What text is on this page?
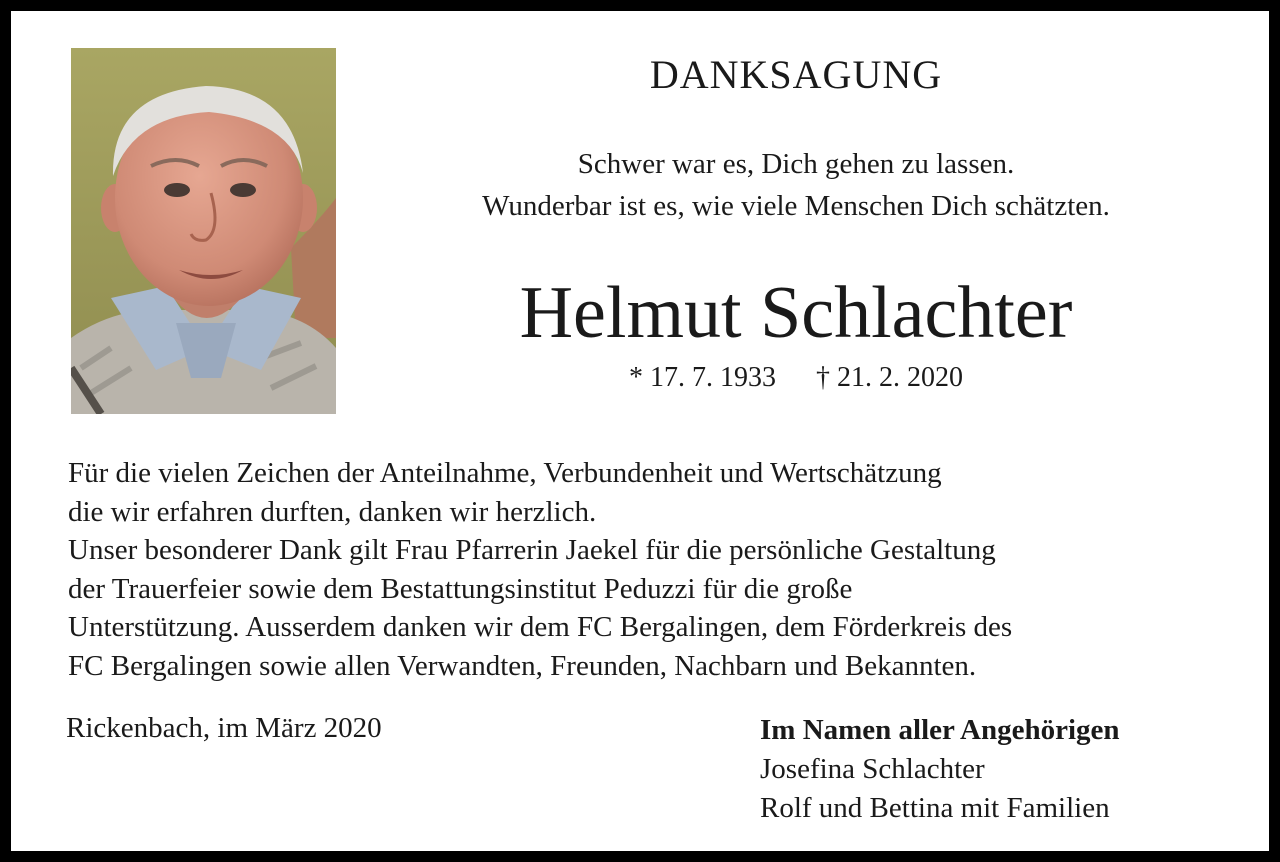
DANKSAGUNG
Schwer war es, Dich gehen zu lassen.
Wunderbar ist es, wie viele Menschen Dich schätzten.
Helmut Schlachter
* 17. 7. 1933 † 21. 2. 2020
Für die vielen Zeichen der Anteilnahme, Verbundenheit und Wertschätzung
die wir erfahren durften, danken wir herzlich.
Unser besonderer Dank gilt Frau Pfarrerin Jaekel für die persönliche Gestaltung
der Trauerfeier sowie dem Bestattungsinstitut Peduzzi für die große
Unterstützung. Ausserdem danken wir dem FC Bergalingen, dem Förderkreis des
FC Bergalingen sowie allen Verwandten, Freunden, Nachbarn und Bekannten.
Rickenbach, im März 2020	Im Namen aller Angehörigen
Josefina Schlachter
Rolf und Bettina mit Familien
